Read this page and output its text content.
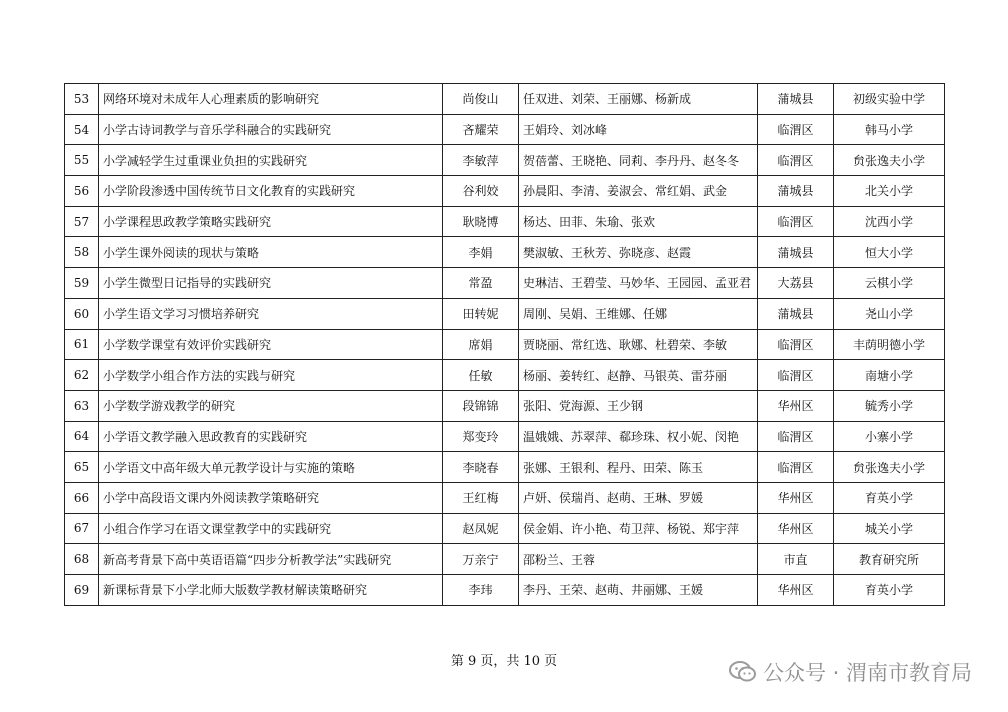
53	网络环境对未成年人心理素质的影响研究	尚俊山	任双进、刘荣、王丽娜、杨新成	蒲城县	初级实验中学
54	小学古诗词教学与音乐学科融合的实践研究	吝耀荣	王娟玲、刘冰峰	临渭区	韩马小学
55	小学减轻学生过重课业负担的实践研究	李敏萍	贺蓓蕾、王晓艳、同莉、李丹丹、赵冬冬	临渭区	贠张逸夫小学
56	小学阶段渗透中国传统节日文化教育的实践研究	谷利姣	孙晨阳、李清、姜淑会、常红娟、武金	蒲城县	北关小学
57	小学课程思政教学策略实践研究	耿晓博	杨达、田菲、朱瑜、张欢	临渭区	沈西小学
58	小学生课外阅读的现状与策略	李娟	樊淑敏、王秋芳、弥晓彦、赵霞	蒲城县	恒大小学
59	小学生微型日记指导的实践研究	常盈	史琳洁、王碧莹、马妙华、王园园、孟亚君	大荔县	云棋小学
60	小学生语文学习习惯培养研究	田转妮	周刚、吴娟、王维娜、任娜	蒲城县	尧山小学
61	小学数学课堂有效评价实践研究	席娟	贾晓丽、常红选、耿娜、杜碧荣、李敏	临渭区	丰荫明德小学
62	小学数学小组合作方法的实践与研究	任敏	杨丽、姜转红、赵静、马银英、雷芬丽	临渭区	南塘小学
63	小学数学游戏教学的研究	段锦锦	张阳、党海源、王少钢	华州区	毓秀小学
64	小学语文教学融入思政教育的实践研究	郑变玲	温娥娥、苏翠萍、郗珍珠、权小妮、闵艳	临渭区	小寨小学
65	小学语文中高年级大单元教学设计与实施的策略	李晓春	张娜、王银利、程丹、田荣、陈玉	临渭区	贠张逸夫小学
66	小学中高段语文课内外阅读教学策略研究	王红梅	卢妍、侯瑞肖、赵萌、王琳、罗媛	华州区	育英小学
67	小组合作学习在语文课堂教学中的实践研究	赵凤妮	侯金娟、许小艳、苟卫萍、杨锐、郑宇萍	华州区	城关小学
68	新高考背景下高中英语语篇“四步分析教学法”实践研究	万亲宁	邵粉兰、王蓉	市直	教育研究所
69	新课标背景下小学北师大版数学教材解读策略研究	李玮	李丹、王荣、赵萌、井丽娜、王媛	华州区	育英小学
第 9 页，共 10 页	公众号 · 渭南市教育局
